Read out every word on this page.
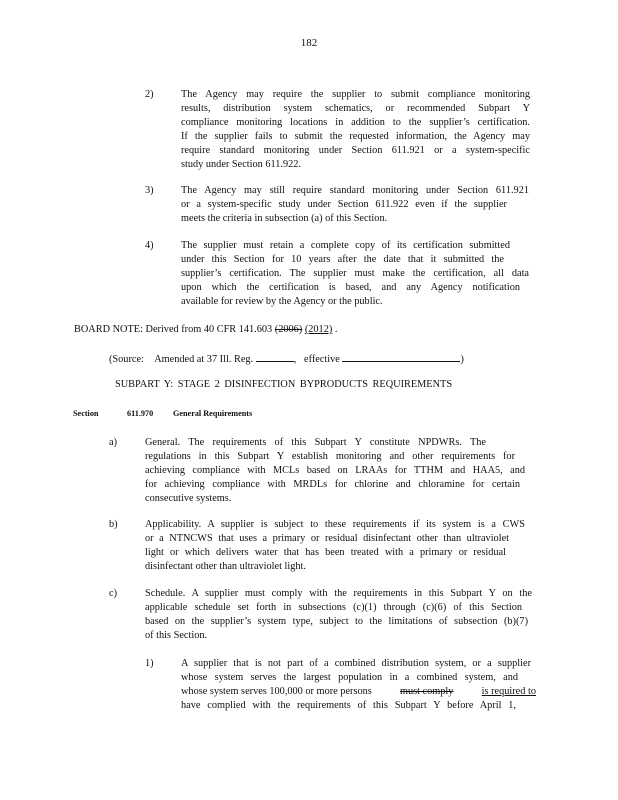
182
2)	The Agency may require the supplier to submit compliance monitoring
results, distribution system schematics, or recommended Subpart Y
compliance monitoring locations in addition to the supplier’s certification.
If the supplier fails to submit the requested information, the Agency may
require standard monitoring under Section 611.921 or a system-specific
study under Section 611.922.
3)	The Agency may still require standard monitoring under Section 611.921
or a system-specific study under Section 611.922 even if the supplier
meets the criteria in subsection (a) of this Section.
4)	The supplier must retain a complete copy of its certification submitted
under this Section for 10 years after the date that it submitted the
supplier’s certification. The supplier must make the certification, all data
upon which the certification is based, and any Agency notification
available for review by the Agency or the public.
BOARD NOTE: Derived from 40 CFR 141.603 (2006) (2012) .
(Source: Amended at 37 Ill. Reg.	, effective	)
SUBPART Y: STAGE 2 DISINFECTION BYPRODUCTS REQUIREMENTS
Section	611.970 General Requirements
a)	General. The requirements of this Subpart Y constitute NPDWRs. The
regulations in this Subpart Y establish monitoring and other requirements for
achieving compliance with MCLs based on LRAAs for TTHM and HAA5, and
for achieving compliance with MRDLs for chlorine and chloramine for certain
consecutive systems.
b)	Applicability. A supplier is subject to these requirements if its system is a CWS
or a NTNCWS that uses a primary or residual disinfectant other than ultraviolet
light or which delivers water that has been treated with a primary or residual
disinfectant other than ultraviolet light.
c)	Schedule. A supplier must comply with the requirements in this Subpart Y on the
applicable schedule set forth in subsections (c)(1) through (c)(6) of this Section
based on the supplier’s system type, subject to the limitations of subsection (b)(7)
of this Section.
1)	A supplier that is not part of a combined distribution system, or a supplier
whose system serves the largest population in a combined system, and
whose system serves 100,000 or more persons	must comply	is required to
have complied with the requirements of this Subpart Y before April 1,
